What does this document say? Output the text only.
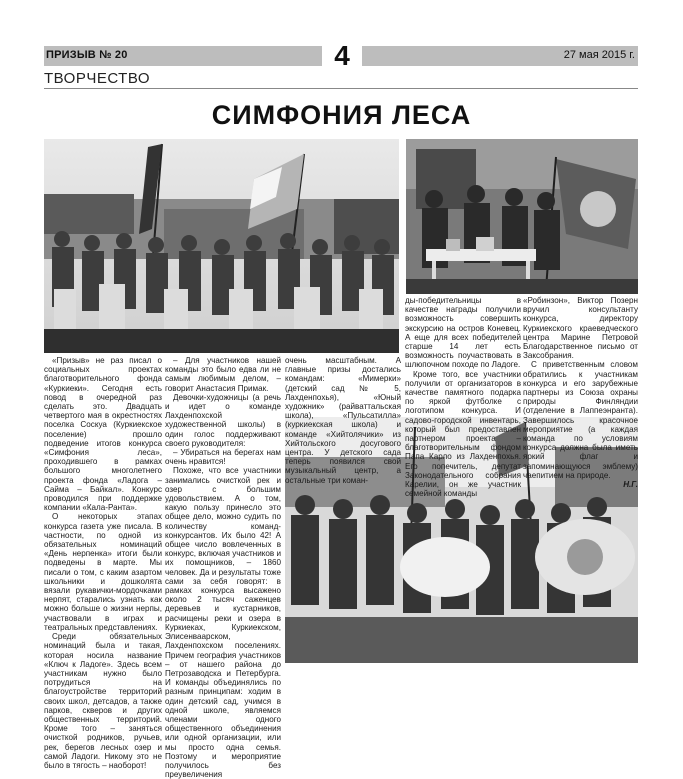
ПРИЗЫВ № 20	4	27 мая 2015 г.
ТВОРЧЕСТВО
СИМФОНИЯ ЛЕСА

«Призыв» не раз писал о социальных проектах благотворительного фонда «Куркиеки». Сегодня есть повод в очередной раз сделать это. Двадцать четвертого мая в окрестностях поселка Соскуа (Куркиекское поселение) прошло подведение итогов конкурса «Симфония леса», проходившего в рамках большого многолетнего проекта фонда «Ладога – Сайма – Байкал». Конкурс проводился при поддержке компании «Кала-Ранта».

О некоторых этапах конкурса газета уже писала. В частности, по одной из обязательных номинаций «День нерпенка» итоги были подведены в марте. Мы писали о том, с каким азартом школьники и дошколята вязали рукавички-мордочками нерпят, старались узнать как можно больше о жизни нерпы, участвовали в играх и театральных представлениях.

Среди обязательных номинаций была и такая, которая носила название «Ключ к Ладоге». Здесь всем участникам нужно было потрудиться на благоустройстве территорий своих школ, детсадов, а также парков, скверов и других общественных территорий. Кроме того – заняться очисткой родников, ручьев, рек, берегов лесных озер и самой Ладоги. Никому это не было в тягость – наоборот!

– Для участников нашей команды это было едва ли не самым любимым делом, – говорит Анастасия Примак.

Девочки-художницы (а речь и идет о команде Лахденпохской художественной школы) в один голос поддерживают своего руководителя:

– Убираться на берегах нам очень нравится!

Похоже, что все участники занимались очисткой рек и озер с большим удовольствием. А о том, какую пользу принесло это общее дело, можно судить по количеству команд-конкурсантов. Их было 42! А общее число вовлеченных в конкурс, включая участников и их помощников, – 1860 человек. Да и результаты тоже сами за себя говорят: в рамках конкурса высажено около 2 тысяч саженцев деревьев и кустарников, расчищены реки и озера в Куркиеках, Куркиекском, Элисенваарском, Лахденпохском поселениях. Причем география участников – от нашего района до Петрозаводска и Петербурга. И команды объединялись по разным принципам: ходим в один детский сад, учимся в одной школе, являемся членами одного общественного объединения или одной организации, или мы просто одна семья. Поэтому и мероприятие получилось без преувеличения

очень масштабным. А главные призы достались командам: «Мимерки» (детский сад № 5, Лахденпохья), «Юный художник» (райваттальская школа), «Пульсатилла» (куркиекская школа) и команде «Хийтолячики» из Хийтольского досугового центра. У детского сада теперь появился свой музыкальный центр, а остальные три коман-

ды-победительницы в качестве награды получили возможность совершить экскурсию на остров Коневец. А еще для всех победителей старше 14 лет есть возможность поучаствовать в шлюпочном походе по Ладоге.

Кроме того, все участники получили от организаторов в качестве памятного подарка по яркой футболке с логотипом конкурса. И садово-городской инвентарь, который был предоставлен партнером проекта – благотворительным фондом Папа Карло из Лахденпохья. Его попечитель, депутат Законодательного собрания Карелии, он же участник семейной команды

«Робинзон», Виктор Позерн вручил консультанту конкурса, директору Куркиекского краеведческого центра Марине Петровой Благодарственное письмо от Заксобрания.

С приветственным словом обратились к участникам конкурса и его зарубежные партнеры из Союза охраны природы Финляндии (отделение в Лаппеэнранта). Завершилось красочное мероприятие (а каждая команда по условиям конкурса должна была иметь яркий флаг и запоминающуюся эмблему) чаепитием на природе.

Н.Г.
